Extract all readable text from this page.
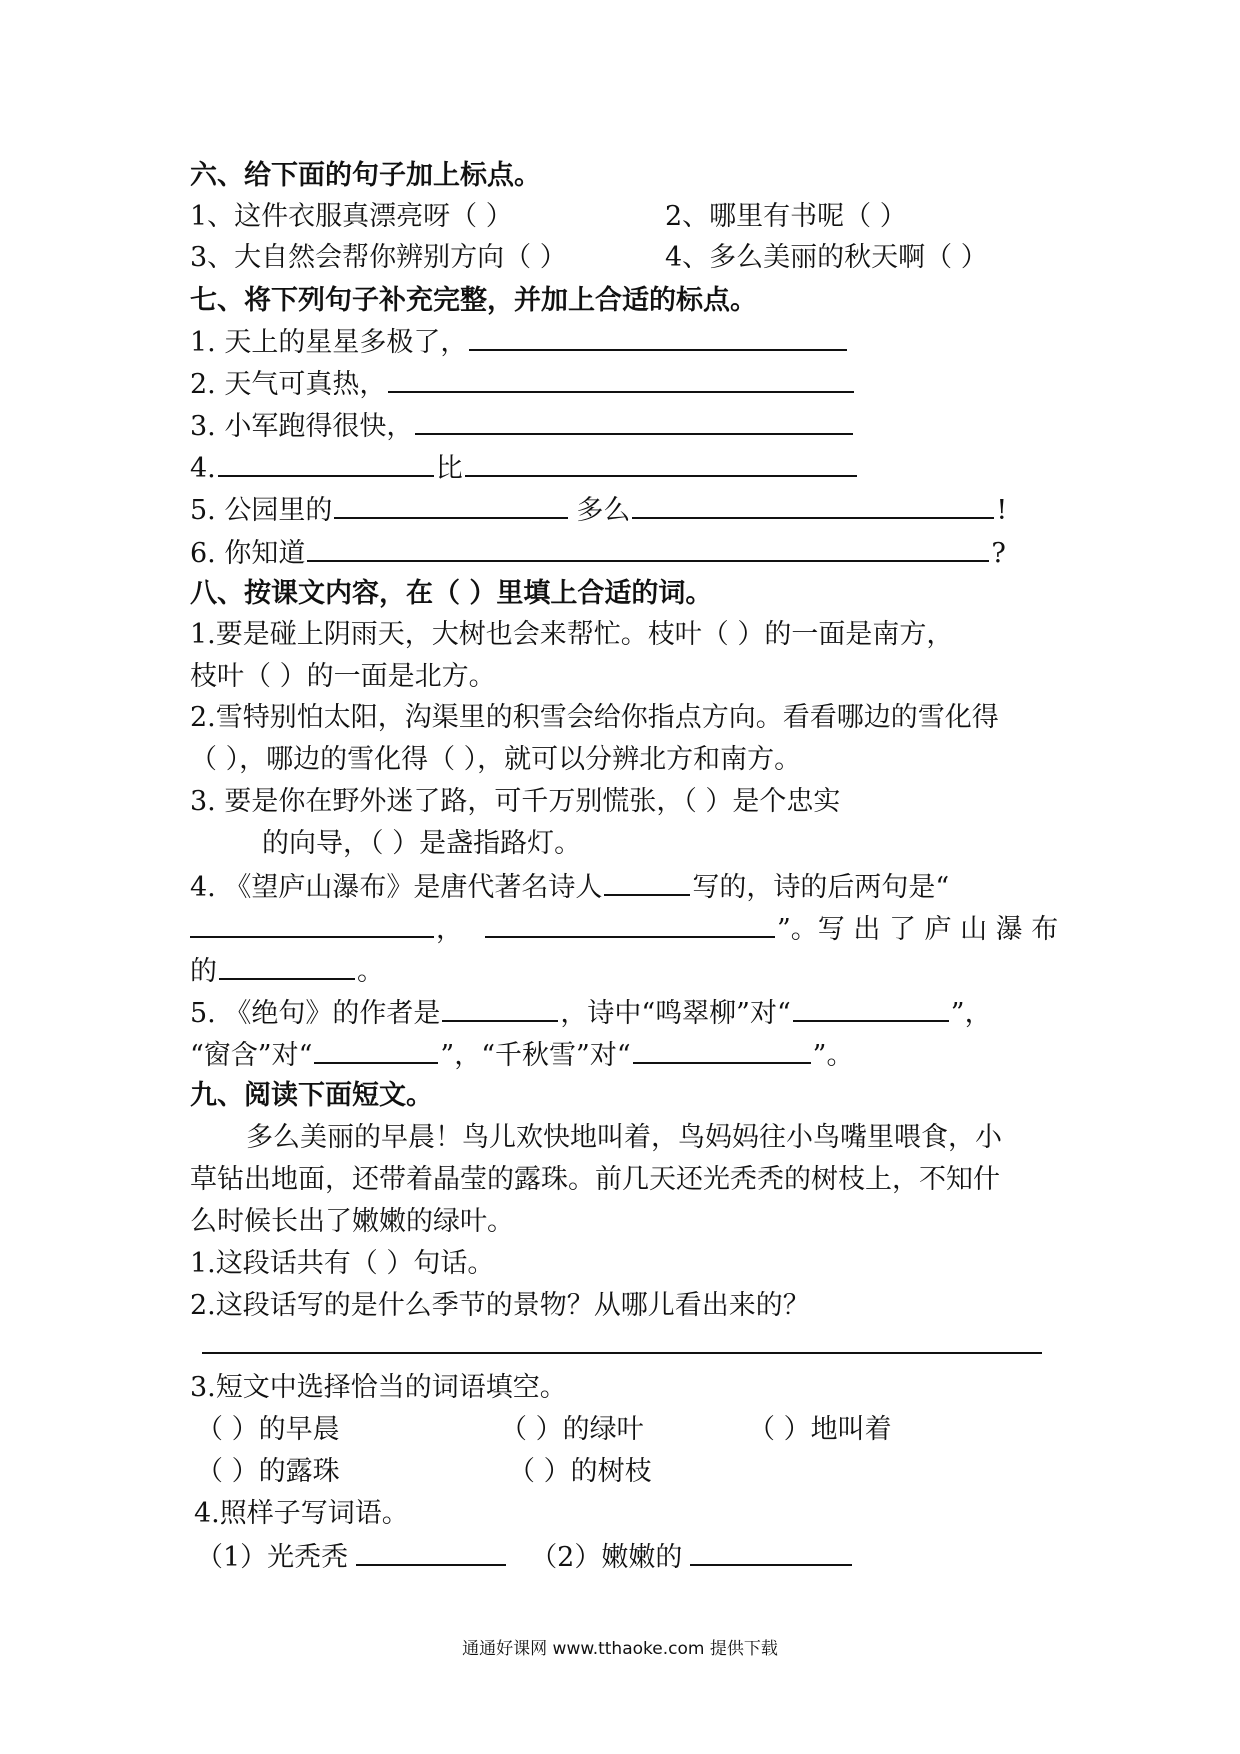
六、给下面的句子加上标点。
1、这件衣服真漂亮呀（ ）	2、哪里有书呢（ ）
3、大自然会帮你辨别方向（ ）	4、多么美丽的秋天啊（ ）
七、将下列句子补充完整，并加上合适的标点。
1. 天上的星星多极了，
2. 天气可真热，
3. 小军跑得很快，
4.	比
5. 公园里的	多么	!
6. 你知道	?
八、按课文内容，在（ ）里填上合适的词。
1.要是碰上阴雨天，大树也会来帮忙。枝叶（ ）的一面是南方，
枝叶（ ）的一面是北方。
2.雪特别怕太阳，沟渠里的积雪会给你指点方向。看看哪边的雪化得
（ ），哪边的雪化得（ ），就可以分辨北方和南方。
3. 要是你在野外迷了路，可千万别慌张，（ ）是个忠实
的向导，（ ）是盏指路灯。
4. 《望庐山瀑布》是唐代著名诗人	写的，诗的后两句是“
，	”。写 出 了 庐 山 瀑 布
的	。
5. 《绝句》的作者是	，诗中“鸣翠柳”对“	”，
“窗含”对“	”，“千秋雪”对“	”。
九、阅读下面短文。
多么美丽的早晨！鸟儿欢快地叫着，鸟妈妈往小鸟嘴里喂食，小
草钻出地面，还带着晶莹的露珠。前几天还光秃秃的树枝上，不知什
么时候长出了嫩嫩的绿叶。
1.这段话共有（ ）句话。
2.这段话写的是什么季节的景物？从哪儿看出来的？
3.短文中选择恰当的词语填空。
（ ）的早晨	（ ）的绿叶	（ ）地叫着
（ ）的露珠	（ ）的树枝
4.照样子写词语。
（1）光秃秃	（2）嫩嫩的
通通好课网 www.tthaoke.com 提供下载
